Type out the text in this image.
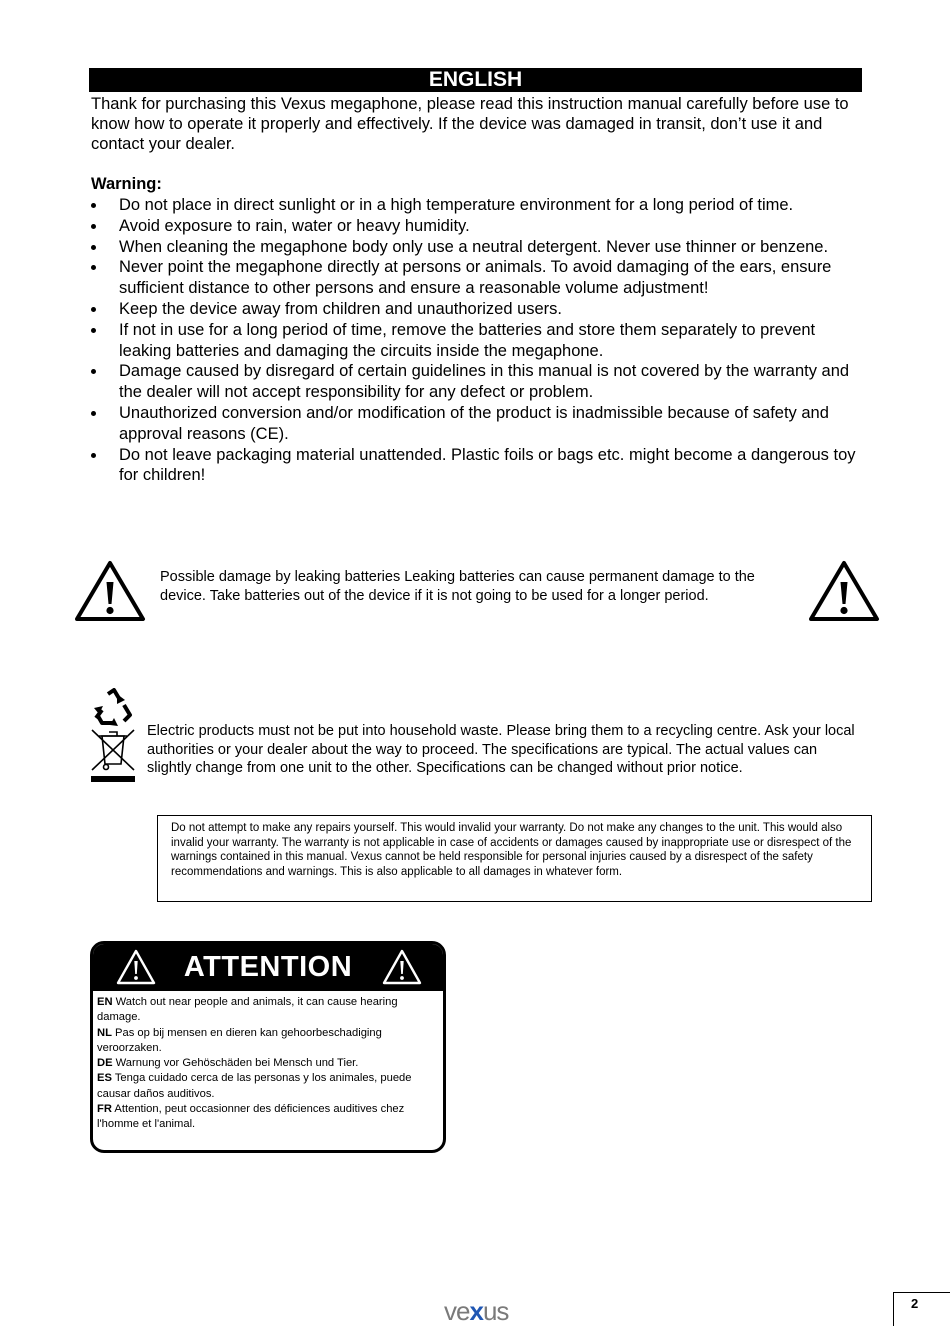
ENGLISH

Thank for purchasing this Vexus megaphone, please read this instruction manual carefully before use to know how to operate it properly and effectively. If the device was damaged in transit, don’t use it and contact your dealer.

Warning:
Do not place in direct sunlight or in a high temperature environment for a long period of time.
Avoid exposure to rain, water or heavy humidity.
When cleaning the megaphone body only use a neutral detergent. Never use thinner or benzene.
Never point the megaphone directly at persons or animals. To avoid damaging of the ears, ensure sufficient distance to other persons and ensure a reasonable volume adjustment!
Keep the device away from children and unauthorized users.
If not in use for a long period of time, remove the batteries and store them separately to prevent leaking batteries and damaging the circuits inside the megaphone.
Damage caused by disregard of certain guidelines in this manual is not covered by the warranty and the dealer will not accept responsibility for any defect or problem.
Unauthorized conversion and/or modification of the product is inadmissible because of safety and approval reasons (CE).
Do not leave packaging material unattended. Plastic foils or bags etc. might become a dangerous toy for children!

Possible damage by leaking batteries Leaking batteries can cause permanent damage to the device. Take batteries out of the device if it is not going to be used for a longer period.

Electric products must not be put into household waste. Please bring them to a recycling centre. Ask your local authorities or your dealer about the way to proceed. The specifications are typical. The actual values can slightly change from one unit to the other. Specifications can be changed without prior notice.

Do not attempt to make any repairs yourself. This would invalid your warranty. Do not make any changes to the unit. This would also invalid your warranty. The warranty is not applicable in case of accidents or damages caused by inappropriate use or disrespect of the warnings contained in this manual. Vexus cannot be held responsible for personal injuries caused by a disrespect of the safety recommendations and warnings. This is also applicable to all damages in whatever form.
ATTENTION
EN Watch out near people and animals, it can cause hearing damage.
NL Pas op bij mensen en dieren kan gehoorbeschadiging veroorzaken.
DE Warnung vor Gehöschäden bei Mensch und Tier.
ES Tenga cuidado cerca de las personas y los animales, puede causar daños auditivos.
FR Attention, peut occasionner des déficiences auditives chez l'homme et l'animal.
vexus	2
